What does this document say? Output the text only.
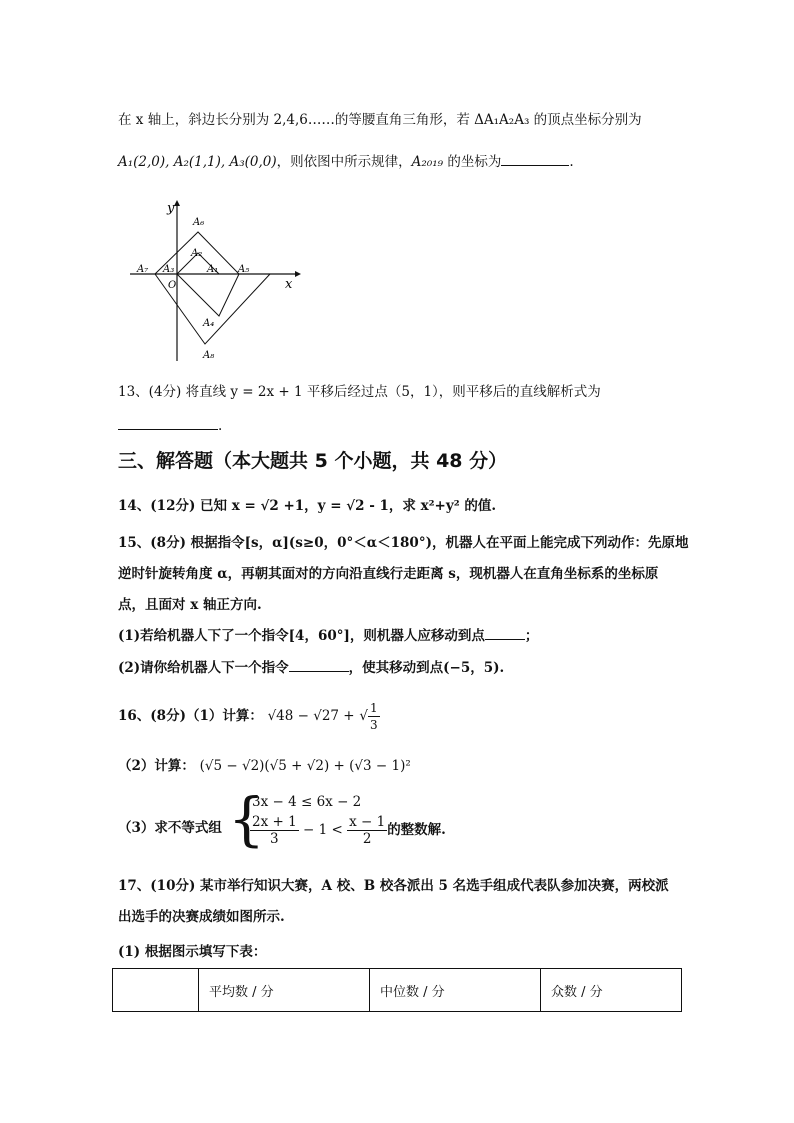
在 x 轴上，斜边长分别为 2,4,6……的等腰直角三角形，若 ΔA₁A₂A₃ 的顶点坐标分别为
A₁(2,0), A₂(1,1), A₃(0,0)，则依图中所示规律，A₂₀₁₉ 的坐标为	.
y
x
O
A₁
A₂
A₃
A₄
A₅
A₆
A₇
A₈
13、(4分) 将直线 y = 2x + 1 平移后经过点（5，1），则平移后的直线解析式为
.
三、解答题（本大题共 5 个小题，共 48 分）
14、(12分) 已知 x = √2 +1，y = √2 - 1，求 x²+y² 的值.
15、(8分) 根据指令[s，α](s≥0，0°＜α＜180°)，机器人在平面上能完成下列动作：先原地
逆时针旋转角度 α，再朝其面对的方向沿直线行走距离 s，现机器人在直角坐标系的坐标原
点，且面对 x 轴正方向.
(1)若给机器人下了一个指令[4，60°]，则机器人应移动到点	；
(2)请你给机器人下一个指令	，使其移动到点(−5，5).
16、(8分)（1）计算： √48 − √27 + √ $\frac{1}{3}$
（2）计算： (√5 − √2)(√5 + √2) + (√3 − 1)²
（3）求不等式组 {
3x − 4 ≤ 6x − 2
$\frac{2x + 1}{3} - 1 < \frac{x - 1}{2}$ 的整数解.
17、(10分) 某市举行知识大赛，A 校、B 校各派出 5 名选手组成代表队参加决赛，两校派
出选手的决赛成绩如图所示.
(1) 根据图示填写下表：
	平均数 / 分	中位数 / 分	众数 / 分
